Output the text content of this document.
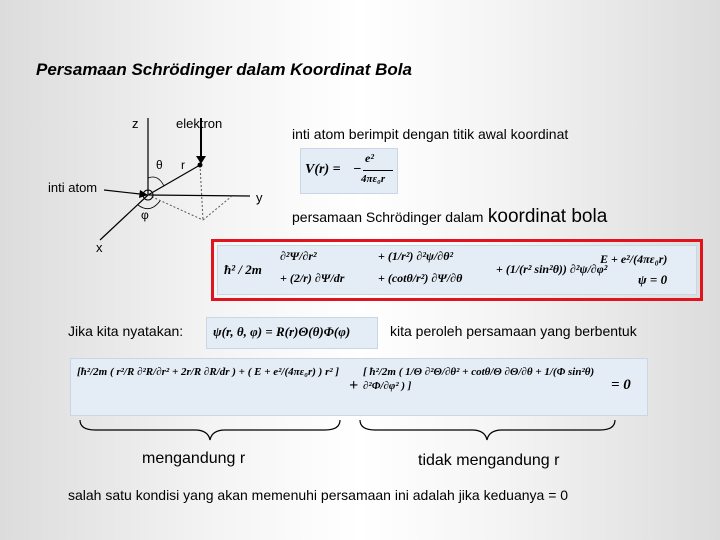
Persamaan Schrödinger dalam Koordinat Bola
z	elektron
θ r
inti atom
y
φ
x
inti atom berimpit dengan titik awal koordinat
V(r) = −
e²
4πε₀r
persamaan Schrödinger dalam koordinat bola
ħ² / 2m
∂²Ψ/∂r²
+ (2/r) ∂Ψ/dr
+ (1/r²) ∂²ψ/∂θ²
+ (cotθ/r²) ∂Ψ/∂θ
+ (1/(r² sin²θ)) ∂²ψ/∂φ²
E + e²/(4πε₀r)
ψ = 0
Jika kita nyatakan: ψ(r, θ, φ) = R(r)Θ(θ)Φ(φ)	kita peroleh persamaan yang berbentuk
[ħ²/2m ( r²/R ∂²R/∂r² + 2r/R ∂R/dr ) + ( E + e²/(4πε₀r) ) r² ]
+
[ ħ²/2m ( 1/Θ ∂²Θ/∂θ² + cotθ/Θ ∂Θ/∂θ + 1/(Φ sin²θ) ∂²Φ/∂φ² ) ]	= 0
mengandung r	tidak mengandung r
salah satu kondisi yang akan memenuhi persamaan ini adalah jika keduanya = 0
